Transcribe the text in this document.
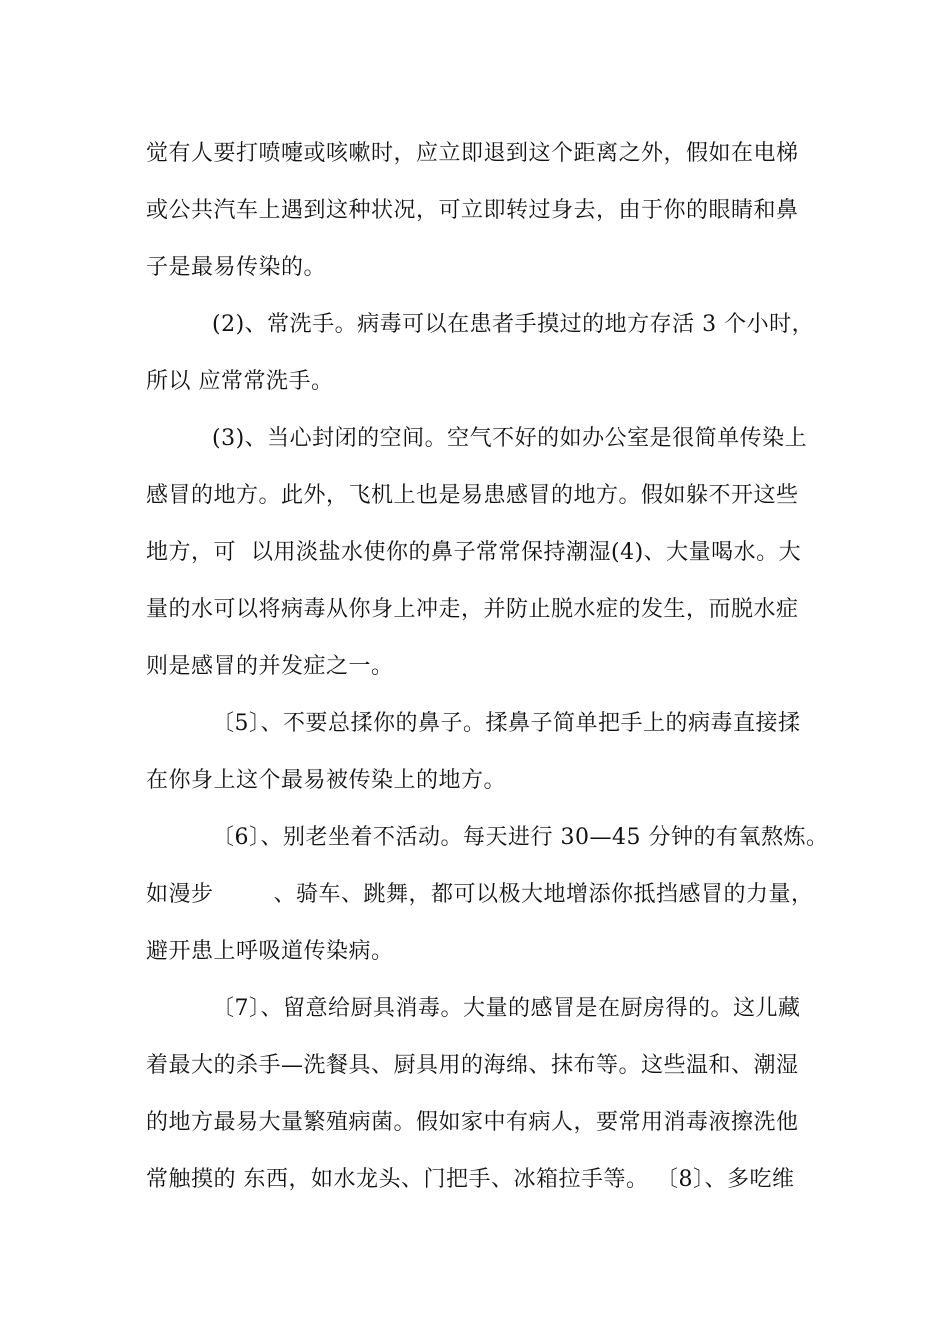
觉有人要打喷嚏或咳嗽时，应立即退到这个距离之外，假如在电梯
或公共汽车上遇到这种状况，可立即转过身去，由于你的眼睛和鼻
子是最易传染的。
(2)、常洗手。病毒可以在患者手摸过的地方存活 3 个小时，
所以 应常常洗手。
(3)、当心封闭的空间。空气不好的如办公室是很简单传染上
感冒的地方。此外，飞机上也是易患感冒的地方。假如躲不开这些
地方，可  以用淡盐水使你的鼻子常常保持潮湿(4)、大量喝水。大
量的水可以将病毒从你身上冲走，并防止脱水症的发生，而脱水症
则是感冒的并发症之一。
〔5〕、不要总揉你的鼻子。揉鼻子简单把手上的病毒直接揉
在你身上这个最易被传染上的地方。
〔6〕、别老坐着不活动。每天进行 30—45 分钟的有氧熬炼。
如漫步        、骑车、跳舞，都可以极大地增添你抵挡感冒的力量，
避开患上呼吸道传染病。
〔7〕、留意给厨具消毒。大量的感冒是在厨房得的。这儿藏
着最大的杀手—洗餐具、厨具用的海绵、抹布等。这些温和、潮湿
的地方最易大量繁殖病菌。假如家中有病人，要常用消毒液擦洗他
常触摸的 东西，如水龙头、门把手、冰箱拉手等。 〔8〕、多吃维
